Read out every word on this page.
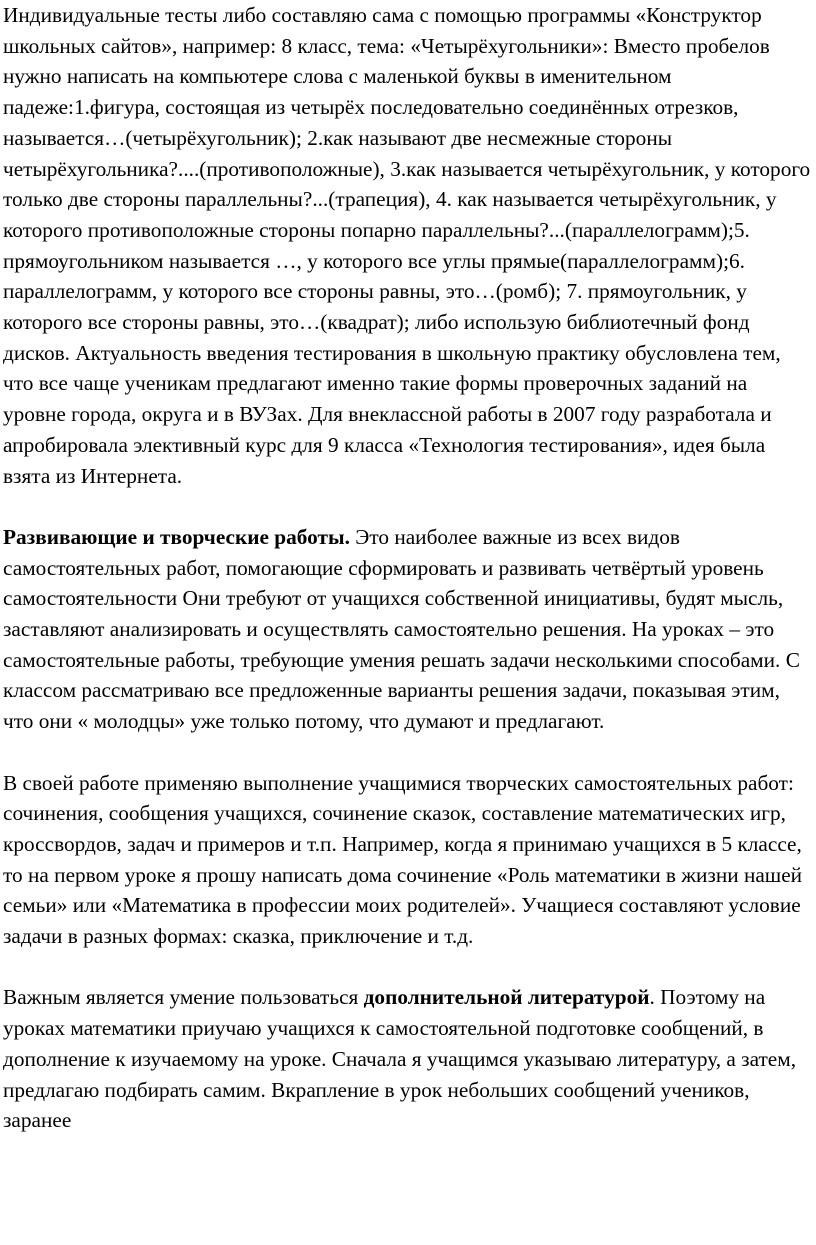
Индивидуальные тесты либо составляю сама с помощью программы «Конструктор школьных сайтов», например: 8 класс, тема: «Четырёхугольники»: Вместо пробелов нужно написать на компьютере слова с маленькой буквы в именительном падеже:1.фигура, состоящая из четырёх последовательно соединённых отрезков, называется…(четырёхугольник); 2.как называют две несмежные стороны четырёхугольника?....(противоположные), 3.как называется четырёхугольник, у которого только две стороны параллельны?...(трапеция), 4. как называется четырёхугольник, у которого противоположные стороны попарно параллельны?...(параллелограмм);5. прямоугольником называется …, у которого все углы прямые(параллелограмм);6. параллелограмм, у которого все стороны равны, это…(ромб); 7. прямоугольник, у которого все стороны равны, это…(квадрат); либо использую библиотечный фонд дисков. Актуальность введения тестирования в школьную практику обусловлена тем, что все чаще ученикам предлагают именно такие формы проверочных заданий на уровне города, округа и в ВУЗах. Для внеклассной работы в 2007 году разработала и апробировала элективный курс для 9 класса «Технология тестирования», идея была взята из Интернета.

Развивающие и творческие работы. Это наиболее важные из всех видов самостоятельных работ, помогающие сформировать и развивать четвёртый уровень самостоятельности Они требуют от учащихся собственной инициативы, будят мысль, заставляют анализировать и осуществлять самостоятельно решения. На уроках – это самостоятельные работы, требующие умения решать задачи несколькими способами. С классом рассматриваю все предложенные варианты решения задачи, показывая этим, что они « молодцы» уже только потому, что думают и предлагают.

В своей работе применяю выполнение учащимися творческих самостоятельных работ: сочинения, сообщения учащихся, сочинение сказок, составление математических игр, кроссвордов, задач и примеров и т.п. Например, когда я принимаю учащихся в 5 классе, то на первом уроке я прошу написать дома сочинение «Роль математики в жизни нашей семьи» или «Математика в профессии моих родителей». Учащиеся составляют условие задачи в разных формах: сказка, приключение и т.д.

Важным является умение пользоваться дополнительной литературой. Поэтому на уроках математики приучаю учащихся к самостоятельной подготовке сообщений, в дополнение к изучаемому на уроке. Сначала я учащимся указываю литературу, а затем, предлагаю подбирать самим. Вкрапление в урок небольших сообщений учеников, заранее
